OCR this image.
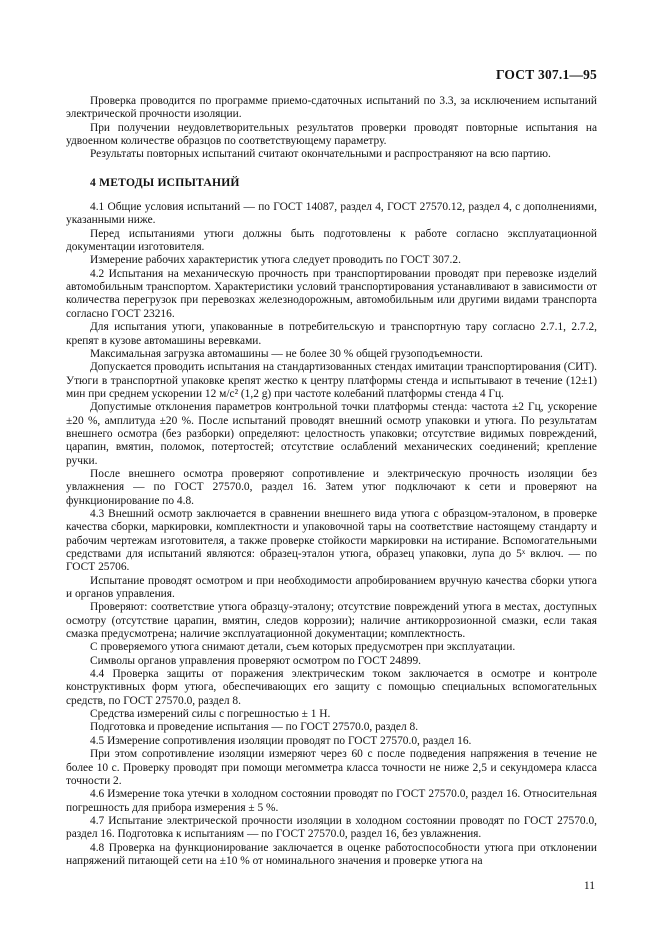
ГОСТ 307.1—95

Проверка проводится по программе приемо-сдаточных испытаний по 3.3, за исключением испытаний электрической прочности изоляции.

При получении неудовлетворительных результатов проверки проводят повторные испытания на удвоенном количестве образцов по соответствующему параметру.

Результаты повторных испытаний считают окончательными и распространяют на всю партию.

4 МЕТОДЫ ИСПЫТАНИЙ

4.1 Общие условия испытаний — по ГОСТ 14087, раздел 4, ГОСТ 27570.12, раздел 4, с дополнениями, указанными ниже.

Перед испытаниями утюги должны быть подготовлены к работе согласно эксплуатационной документации изготовителя.

Измерение рабочих характеристик утюга следует проводить по ГОСТ 307.2.

4.2 Испытания на механическую прочность при транспортировании проводят при перевозке изделий автомобильным транспортом. Характеристики условий транспортирования устанавливают в зависимости от количества перегрузок при перевозках железнодорожным, автомобильным или другими видами транспорта согласно ГОСТ 23216.

Для испытания утюги, упакованные в потребительскую и транспортную тару согласно 2.7.1, 2.7.2, крепят в кузове автомашины веревками.

Максимальная загрузка автомашины — не более 30 % общей грузоподъемности.

Допускается проводить испытания на стандартизованных стендах имитации транспортирования (СИТ). Утюги в транспортной упаковке крепят жестко к центру платформы стенда и испытывают в течение (12±1) мин при среднем ускорении 12 м/с² (1,2 g) при частоте колебаний платформы стенда 4 Гц.

Допустимые отклонения параметров контрольной точки платформы стенда: частота ±2 Гц, ускорение ±20 %, амплитуда ±20 %. После испытаний проводят внешний осмотр упаковки и утюга. По результатам внешнего осмотра (без разборки) определяют: целостность упаковки; отсутствие видимых повреждений, царапин, вмятин, поломок, потертостей; отсутствие ослаблений механических соединений; крепление ручки.

После внешнего осмотра проверяют сопротивление и электрическую прочность изоляции без увлажнения — по ГОСТ 27570.0, раздел 16. Затем утюг подключают к сети и проверяют на функционирование по 4.8.

4.3 Внешний осмотр заключается в сравнении внешнего вида утюга с образцом-эталоном, в проверке качества сборки, маркировки, комплектности и упаковочной тары на соответствие настоящему стандарту и рабочим чертежам изготовителя, а также проверке стойкости маркировки на истирание. Вспомогательными средствами для испытаний являются: образец-эталон утюга, образец упаковки, лупа до 5ˣ включ. — по ГОСТ 25706.

Испытание проводят осмотром и при необходимости апробированием вручную качества сборки утюга и органов управления.

Проверяют: соответствие утюга образцу-эталону; отсутствие повреждений утюга в местах, доступных осмотру (отсутствие царапин, вмятин, следов коррозии); наличие антикоррозионной смазки, если такая смазка предусмотрена; наличие эксплуатационной документации; комплектность.

С проверяемого утюга снимают детали, съем которых предусмотрен при эксплуатации.

Символы органов управления проверяют осмотром по ГОСТ 24899.

4.4 Проверка защиты от поражения электрическим током заключается в осмотре и контроле конструктивных форм утюга, обеспечивающих его защиту с помощью специальных вспомогательных средств, по ГОСТ 27570.0, раздел 8.

Средства измерений силы с погрешностью ± 1 Н.

Подготовка и проведение испытания — по ГОСТ 27570.0, раздел 8.

4.5 Измерение сопротивления изоляции проводят по ГОСТ 27570.0, раздел 16.

При этом сопротивление изоляции измеряют через 60 с после подведения напряжения в течение не более 10 с. Проверку проводят при помощи мегомметра класса точности не ниже 2,5 и секундомера класса точности 2.

4.6 Измерение тока утечки в холодном состоянии проводят по ГОСТ 27570.0, раздел 16. Относительная погрешность для прибора измерения ± 5 %.

4.7 Испытание электрической прочности изоляции в холодном состоянии проводят по ГОСТ 27570.0, раздел 16. Подготовка к испытаниям — по ГОСТ 27570.0, раздел 16, без увлажнения.

4.8 Проверка на функционирование заключается в оценке работоспособности утюга при отклонении напряжений питающей сети на ±10 % от номинального значения и проверке утюга на

11
